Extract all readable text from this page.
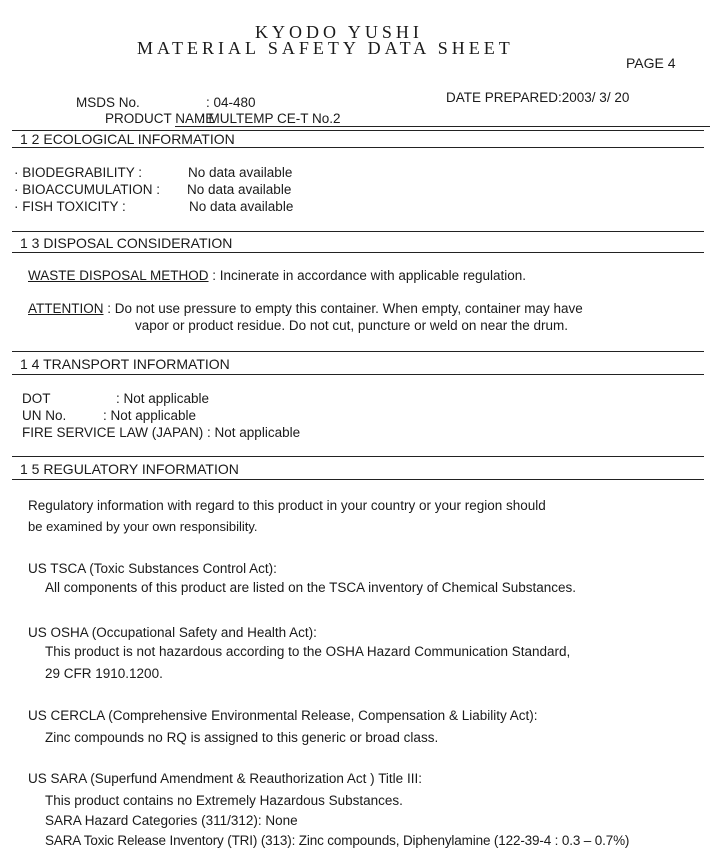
KYODO YUSHI
MATERIAL SAFETY DATA SHEET
PAGE 4
MSDS No.	: 04-480	DATE PREPARED:2003/ 3/ 20
PRODUCT NAME
: MULTEMP CE-T No.2
1 2 ECOLOGICAL INFORMATION
· BIODEGRABILITY :	No data available
· BIOACCUMULATION : No data available
· FISH TOXICITY :	No data available
1 3 DISPOSAL CONSIDERATION
WASTE DISPOSAL METHOD : Incinerate in accordance with applicable regulation.
ATTENTION : Do not use pressure to empty this container. When empty, container may have
vapor or product residue. Do not cut, puncture or weld on near the drum.
1 4 TRANSPORT INFORMATION
DOT	: Not applicable
UN No.	: Not applicable
FIRE SERVICE LAW (JAPAN) : Not applicable
1 5 REGULATORY INFORMATION
Regulatory information with regard to this product in your country or your region should
be examined by your own responsibility.
US TSCA (Toxic Substances Control Act):
All components of this product are listed on the TSCA inventory of Chemical Substances.
US OSHA (Occupational Safety and Health Act):
This product is not hazardous according to the OSHA Hazard Communication Standard,
29 CFR 1910.1200.
US CERCLA (Comprehensive Environmental Release, Compensation & Liability Act):
Zinc compounds no RQ is assigned to this generic or broad class.
US SARA (Superfund Amendment & Reauthorization Act ) Title III:
This product contains no Extremely Hazardous Substances.
SARA Hazard Categories (311/312): None
SARA Toxic Release Inventory (TRI) (313): Zinc compounds, Diphenylamine (122-39-4 : 0.3 – 0.7%)
